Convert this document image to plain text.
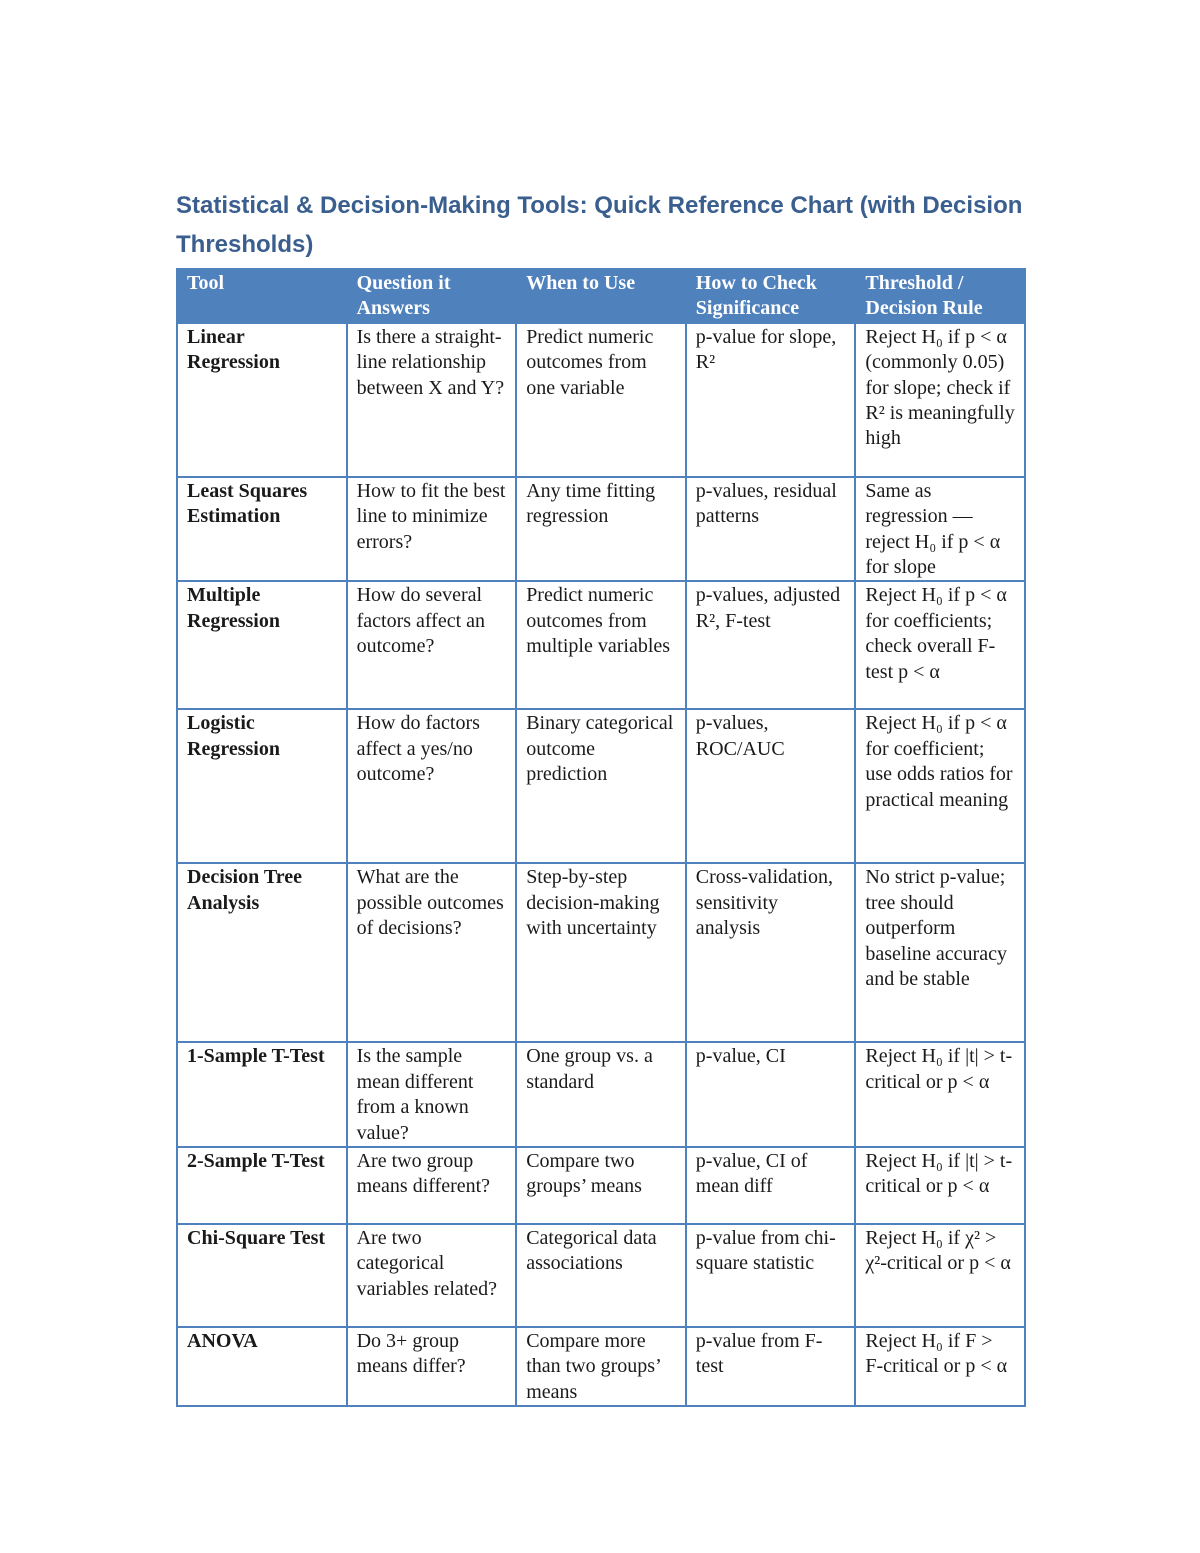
Statistical & Decision-Making Tools: Quick Reference Chart (with Decision Thresholds)
Tool	Question it Answers	When to Use	How to Check Significance	Threshold / Decision Rule
Linear Regression	Is there a straight-line relationship between X and Y?	Predict numeric outcomes from one variable	p-value for slope, R²	Reject H₀ if p < α (commonly 0.05) for slope; check if R² is meaningfully high
Least Squares Estimation	How to fit the best line to minimize errors?	Any time fitting regression	p-values, residual patterns	Same as regression — reject H₀ if p < α for slope
Multiple Regression	How do several factors affect an outcome?	Predict numeric outcomes from multiple variables	p-values, adjusted R², F-test	Reject H₀ if p < α for coefficients; check overall F-test p < α
Logistic Regression	How do factors affect a yes/no outcome?	Binary categorical outcome prediction	p-values, ROC/AUC	Reject H₀ if p < α for coefficient; use odds ratios for practical meaning
Decision Tree Analysis	What are the possible outcomes of decisions?	Step-by-step decision-making with uncertainty	Cross-validation, sensitivity analysis	No strict p-value; tree should outperform baseline accuracy and be stable
1-Sample T-Test	Is the sample mean different from a known value?	One group vs. a standard	p-value, CI	Reject H₀ if |t| > t-critical or p < α
2-Sample T-Test	Are two group means different?	Compare two groups’ means	p-value, CI of mean diff	Reject H₀ if |t| > t-critical or p < α
Chi-Square Test	Are two categorical variables related?	Categorical data associations	p-value from chi-square statistic	Reject H₀ if χ² > χ²-critical or p < α
ANOVA	Do 3+ group means differ?	Compare more than two groups’ means	p-value from F-test	Reject H₀ if F > F-critical or p < α
